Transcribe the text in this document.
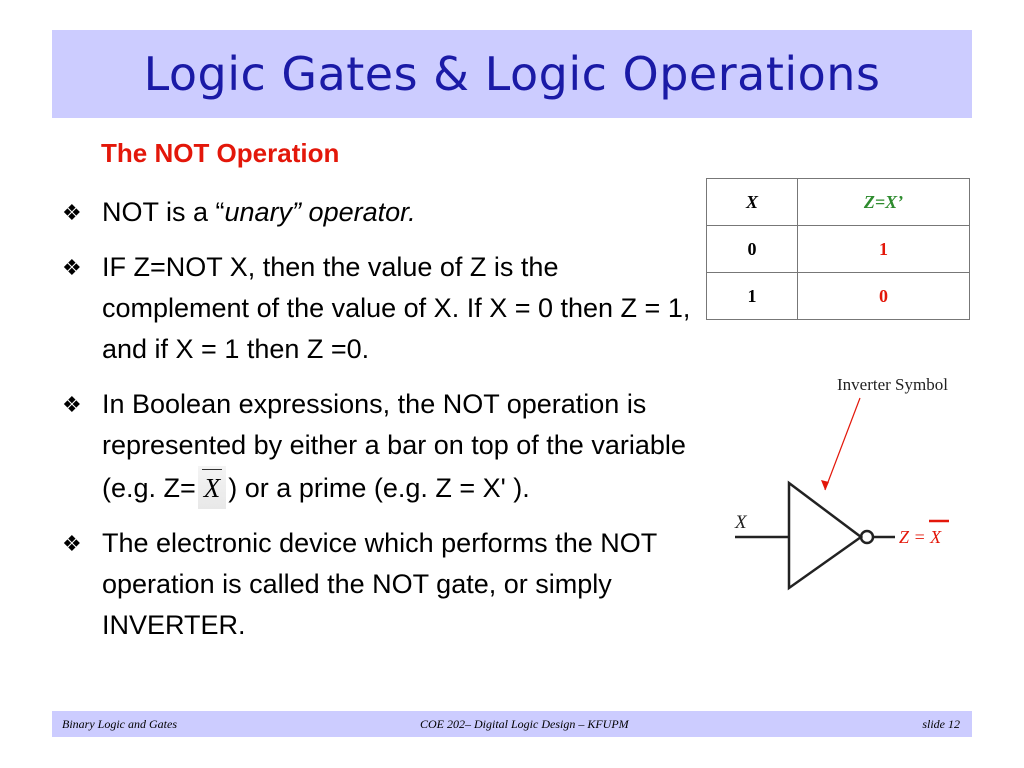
Logic Gates & Logic Operations
The NOT Operation
❖ NOT is a “unary” operator.
❖ IF Z=NOT X, then the value of Z is the complement of the value of X. If X = 0 then Z = 1, and if X = 1 then Z =0.
❖ In Boolean expressions, the NOT operation is represented by either a bar on top of the variable (e.g. Z= X ) or a prime (e.g. Z = X' ).
❖ The electronic device which performs the NOT operation is called the NOT gate, or simply INVERTER.
X	Z=X’
0	1
1	0
Inverter Symbol
X
Z = X
Binary Logic and Gates	COE 202– Digital Logic Design – KFUPM	slide 12
